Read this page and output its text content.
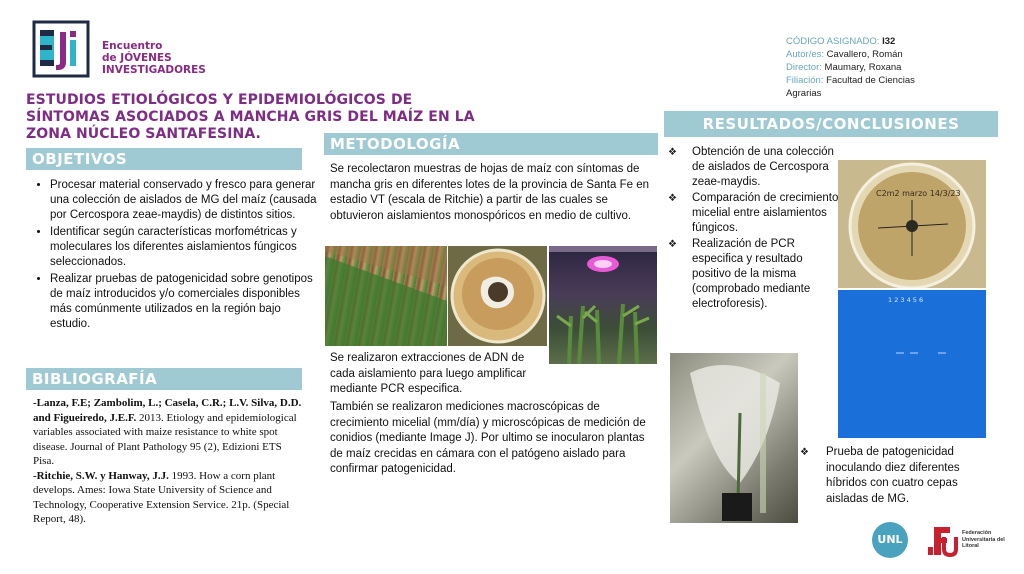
Encuentro
de JÓVENES
INVESTIGADORES
CÓDIGO ASIGNADO: I32
Autor/es: Cavallero, Román
Director: Maumary, Roxana
Filiación: Facultad de Ciencias Agrarias
ESTUDIOS ETIOLÓGICOS Y EPIDEMIOLÓGICOS DE SÍNTOMAS ASOCIADOS A MANCHA GRIS DEL MAÍZ EN LA ZONA NÚCLEO SANTAFESINA.
OBJETIVOS
• Procesar material conservado y fresco para generar una colección de aislados de MG del maíz (causada por Cercospora zeae-maydis) de distintos sitios.
• Identificar según características morfométricas y moleculares los diferentes aislamientos fúngicos seleccionados.
• Realizar pruebas de patogenicidad sobre genotipos de maíz introducidos y/o comerciales disponibles más comúnmente utilizados en la región bajo estudio.
BIBLIOGRAFÍA
-Lanza, F.E; Zambolim, L.; Casela, C.R.; L.V. Silva, D.D. and Figueiredo, J.E.F. 2013. Etiology and epidemiological variables associated with maize resistance to white spot disease. Journal of Plant Pathology 95 (2), Edizioni ETS Pisa.
-Ritchie, S.W. y Hanway, J.J. 1993. How a corn plant develops. Ames: Iowa State University of Science and Technology, Cooperative Extension Service. 21p. (Special Report, 48).
METODOLOGÍA
Se recolectaron muestras de hojas de maíz con síntomas de mancha gris en diferentes lotes de la provincia de Santa Fe en estadio VT (escala de Ritchie) a partir de las cuales se obtuvieron aislamientos monospóricos en medio de cultivo.
Se realizaron extracciones de ADN de cada aislamiento para luego amplificar mediante PCR especifica.
También se realizaron mediciones macroscópicas de crecimiento micelial (mm/día) y microscópicas de medición de conidios (mediante Image J). Por ultimo se inocularon plantas de maíz crecidas en cámara con el patógeno aislado para confirmar patogenicidad.
RESULTADOS/CONCLUSIONES
❖ Obtención de una colección de aislados de Cercospora zeae-maydis.
❖ Comparación de crecimiento micelial entre aislamientos fúngicos.
❖ Realización de PCR especifica y resultado positivo de la misma (comprobado mediante electroforesis).
C2m2 marzo 14/3/23
1 2 3 4 5 6
❖	Prueba de patogenicidad inoculando diez diferentes híbridos con cuatro cepas aisladas de MG.
UNL	Federación Universitaria del Litoral
